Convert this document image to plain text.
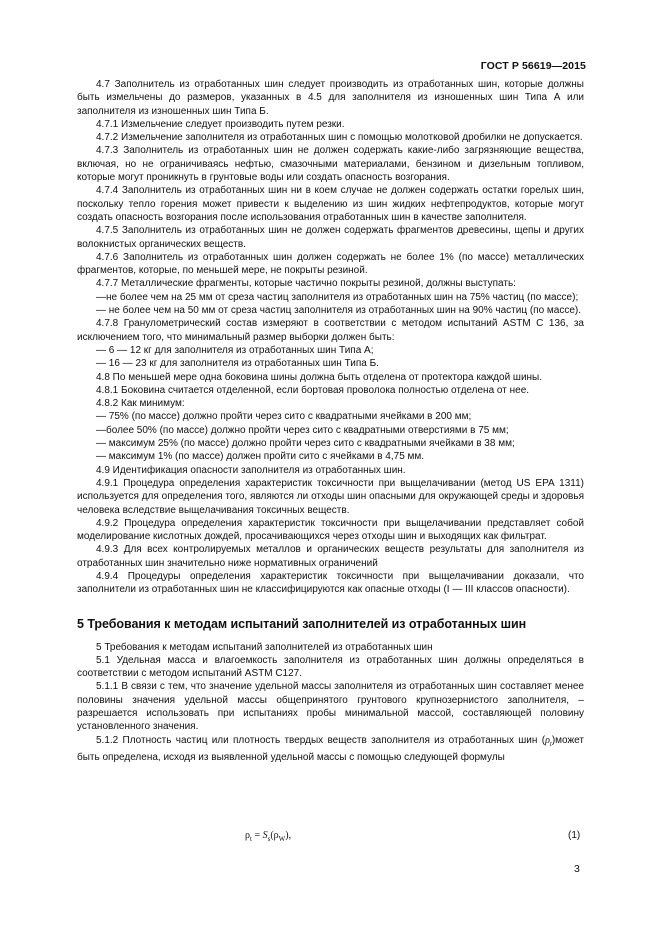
ГОСТ Р 56619—2015

4.7 Заполнитель из отработанных шин следует производить из отработанных шин, которые должны быть измельчены до размеров, указанных в 4.5 для заполнителя из изношенных шин Типа А или заполнителя из изношенных шин Типа Б.

4.7.1 Измельчение следует производить путем резки.

4.7.2 Измельчение заполнителя из отработанных шин с помощью молотковой дробилки не допускается.

4.7.3 Заполнитель из отработанных шин не должен содержать какие-либо загрязняющие вещества, включая, но не ограничиваясь нефтью, смазочными материалами, бензином и дизельным топливом, которые могут проникнуть в грунтовые воды или создать опасность возгорания.

4.7.4 Заполнитель из отработанных шин ни в коем случае не должен содержать остатки горелых шин, поскольку тепло горения может привести к выделению из шин жидких нефтепродуктов, которые могут создать опасность возгорания после использования отработанных шин в качестве заполнителя.

4.7.5 Заполнитель из отработанных шин не должен содержать фрагментов древесины, щепы и других волокнистых органических веществ.

4.7.6 Заполнитель из отработанных шин должен содержать не более 1% (по массе) металлических фрагментов, которые, по меньшей мере, не покрыты резиной.

4.7.7 Металлические фрагменты, которые частично покрыты резиной, должны выступать:

—не более чем на 25 мм от среза частиц заполнителя из отработанных шин на 75% частиц (по массе);

— не более чем на 50 мм от среза частиц заполнителя из отработанных шин на 90% частиц (по массе).

4.7.8 Гранулометрический состав измеряют в соответствии с методом испытаний ASTM C 136, за исключением того, что минимальный размер выборки должен быть:

— 6 — 12 кг для заполнителя из отработанных шин Типа А;

— 16 — 23 кг для заполнителя из отработанных шин Типа Б.

4.8 По меньшей мере одна боковина шины должна быть отделена от протектора каждой шины.

4.8.1 Боковина считается отделенной, если бортовая проволока полностью отделена от нее.

4.8.2 Как минимум:

— 75% (по массе) должно пройти через сито с квадратными ячейками в 200 мм;

—более 50% (по массе) должно пройти через сито с квадратными отверстиями в 75 мм;

— максимум 25% (по массе) должно пройти через сито с квадратными ячейками в 38 мм;

— максимум 1% (по массе) должен пройти сито с ячейками в 4,75 мм.

4.9 Идентификация опасности заполнителя из отработанных шин.

4.9.1 Процедура определения характеристик токсичности при выщелачивании (метод US EPA 1311) используется для определения того, являются ли отходы шин опасными для окружающей среды и здоровья человека вследствие выщелачивания токсичных веществ.

4.9.2 Процедура определения характеристик токсичности при выщелачивании представляет собой моделирование кислотных дождей, просачивающихся через отходы шин и выходящих как фильтрат.

4.9.3 Для всех контролируемых металлов и органических веществ результаты для заполнителя из отработанных шин значительно ниже нормативных ограничений

4.9.4 Процедуры определения характеристик токсичности при выщелачивании доказали, что заполнители из отработанных шин не классифицируются как опасные отходы (I — III классов опасности).

5 Требования к методам испытаний заполнителей из отработанных шин

5 Требования к методам испытаний заполнителей из отработанных шин

5.1 Удельная масса и влагоемкость заполнителя из отработанных шин должны определяться в соответствии с методом испытаний ASTM C127.

5.1.1 В связи с тем, что значение удельной массы заполнителя из отработанных шин составляет менее половины значения удельной массы общепринятого грунтового крупнозернистого заполнителя, – разрешается использовать при испытаниях пробы минимальной массой, составляющей половину установленного значения.

5.1.2 Плотность частиц или плотность твердых веществ заполнителя из отработанных шин $(\rho_t)может$ быть определена, исходя из выявленной удельной массы с помощью следующей формулы

$\rho_t = S_s(\rho_W)$,	(1)
3
